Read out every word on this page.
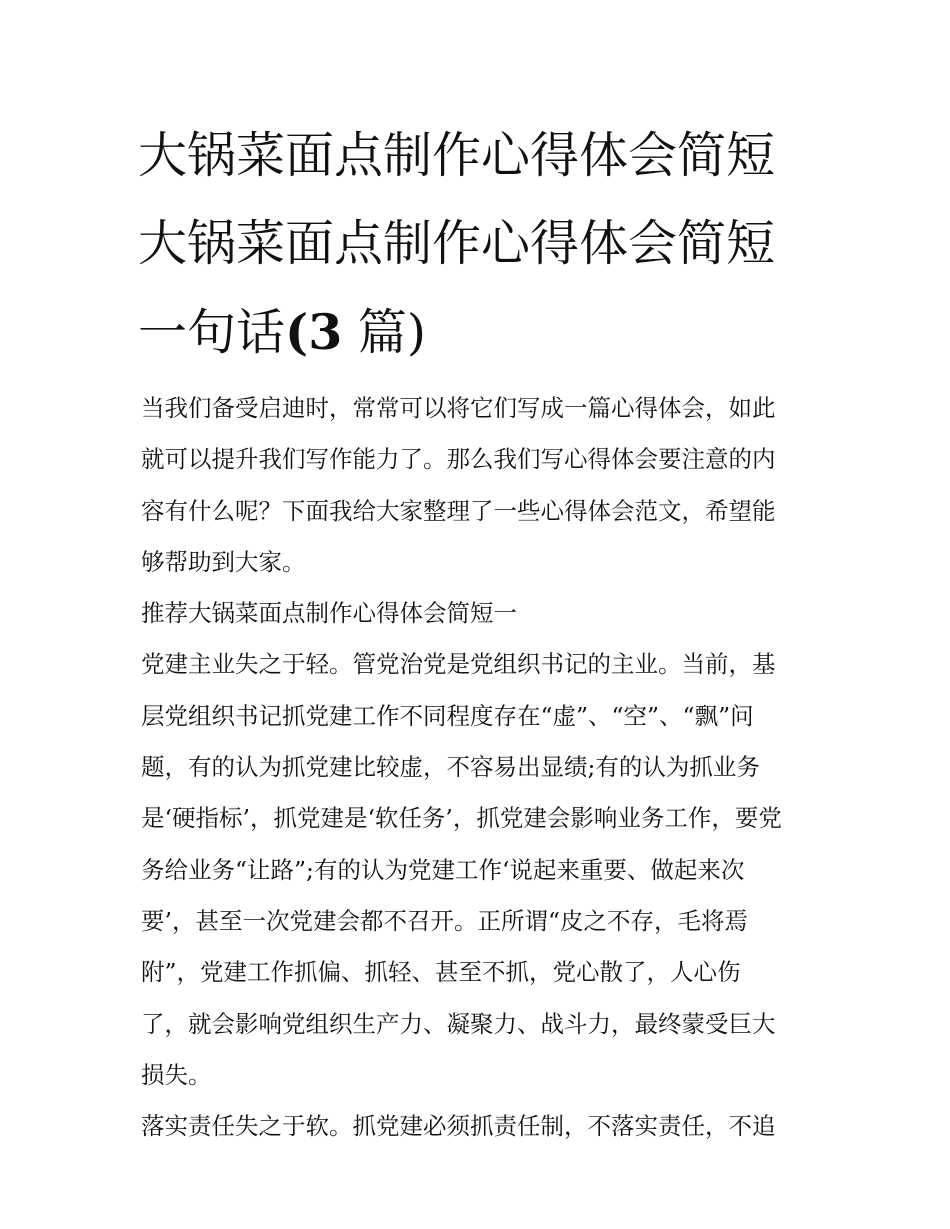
大锅菜面点制作心得体会简短
大锅菜面点制作心得体会简短
一句话(3 篇)

当我们备受启迪时，常常可以将它们写成一篇心得体会，如此
就可以提升我们写作能力了。那么我们写心得体会要注意的内
容有什么呢？下面我给大家整理了一些心得体会范文，希望能
够帮助到大家。

推荐大锅菜面点制作心得体会简短一

党建主业失之于轻。管党治党是党组织书记的主业。当前，基
层党组织书记抓党建工作不同程度存在“虚”、“空”、“飘”问
题，有的认为抓党建比较虚，不容易出显绩;有的认为抓业务
是‘硬指标’，抓党建是‘软任务’，抓党建会影响业务工作，要党
务给业务“让路”;有的认为党建工作‘说起来重要、做起来次
要’，甚至一次党建会都不召开。正所谓“皮之不存，毛将焉
附”，党建工作抓偏、抓轻、甚至不抓，党心散了，人心伤
了，就会影响党组织生产力、凝聚力、战斗力，最终蒙受巨大
损失。

落实责任失之于软。抓党建必须抓责任制，不落实责任，不追
